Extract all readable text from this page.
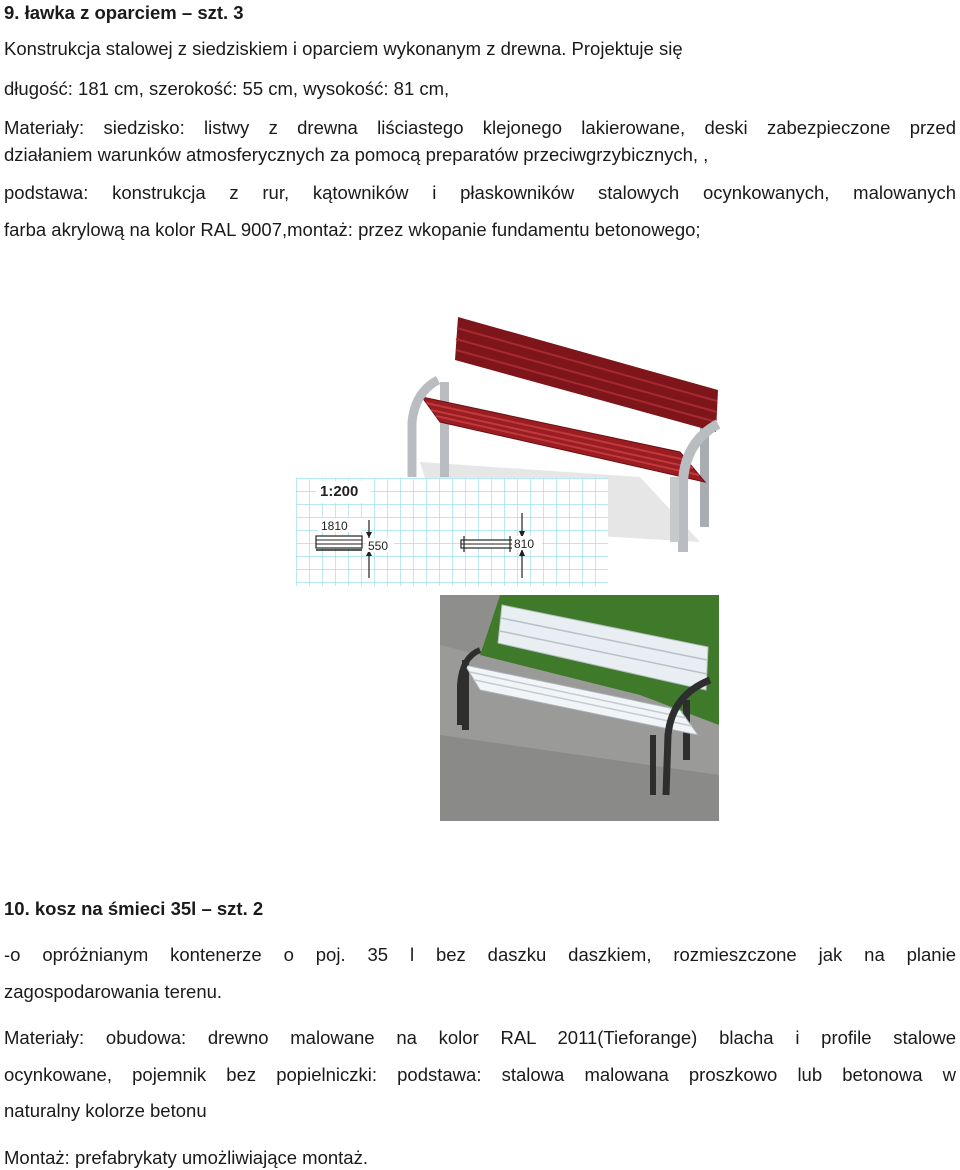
9. ławka z oparciem – szt. 3
Konstrukcja stalowej z siedziskiem i oparciem wykonanym z drewna. Projektuje się
długość: 181 cm, szerokość: 55 cm, wysokość: 81 cm,
Materiały: siedzisko: listwy z drewna liściastego klejonego lakierowane, deski zabezpieczone przed
działaniem warunków atmosferycznych za pomocą preparatów przeciwgrzybicznych, ,
podstawa: konstrukcja z rur, kątowników i płaskowników stalowych ocynkowanych, malowanych
farba akrylową na kolor RAL 9007,montaż: przez wkopanie fundamentu betonowego;
1:200
1810
550	810
10. kosz na śmieci 35l – szt. 2
-o opróżnianym kontenerze o poj. 35 l bez daszku daszkiem, rozmieszczone jak na planie
zagospodarowania terenu.
Materiały: obudowa: drewno malowane na kolor RAL 2011(Tieforange) blacha i profile stalowe
ocynkowane, pojemnik bez popielniczki: podstawa: stalowa malowana proszkowo lub betonowa w
naturalny kolorze betonu
Montaż: prefabrykaty umożliwiające montaż.
